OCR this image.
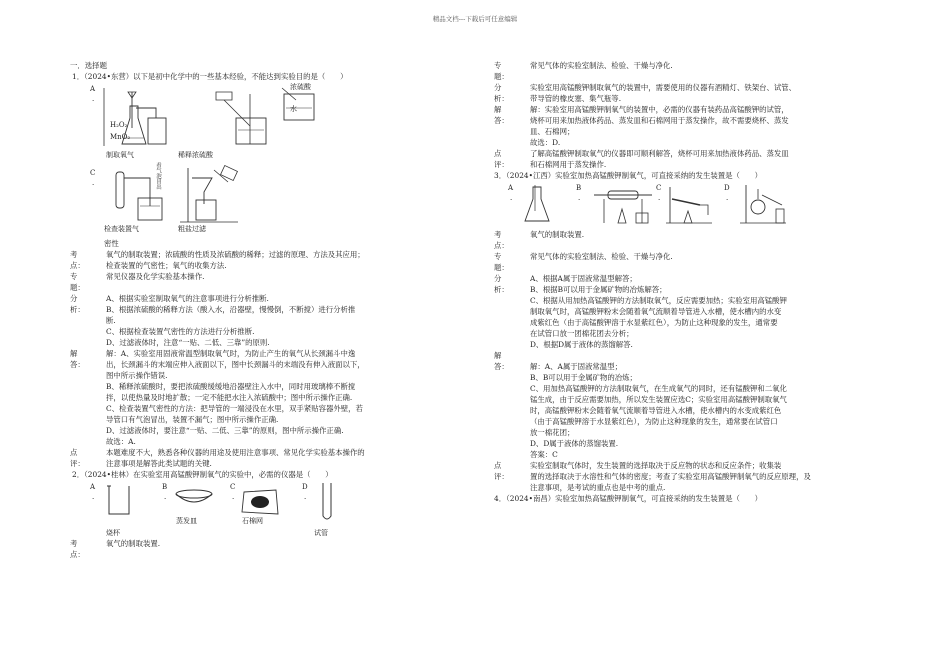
精品文档---下载后可任意编辑
一．选择题
1．（2024•东营）以下是初中化学中的一些基本经验，不能达到实验目的是（　　）
A
.
H₂O₂
MnO₂
水
浓硫酸
制取氧气	稀释浓硫酸
C
.	看气泡冒出
检查装置气	粗盐过滤
密性
考点：
氧气的制取装置；浓硫酸的性质及浓硫酸的稀释；过滤的原理、方法及其应用；
检查装置的气密性；氧气的收集方法.
专题：
常见仪器及化学实验基本操作.
分析：
A、根据实验室制取氧气的注意事项进行分析推断.
B、根据浓硫酸的稀释方法（酸入水，沿器壁，慢慢倒，不断搅）进行分析推
断.
C、根据检查装置气密性的方法进行分析推断.
D、过滤液体时，注意“一贴、二低、三靠”的原则.
解答：
解：A、实验室用固液常温型制取氧气时，为防止产生的氧气从长颈漏斗中逸
出，长颈漏斗的末端应伸入液面以下，图中长颈漏斗的末端没有伸入液面以下，
图中所示操作错误.
B、稀释浓硫酸时，要把浓硫酸缓缓地沿器壁注入水中，同时用玻璃棒不断搅
拌，以使热量及时地扩散；一定不能把水注入浓硫酸中；图中所示操作正确.
C、检查装置气密性的方法：把导管的一端浸没在水里，双手紧贴容器外壁，若
导管口有气泡冒出，装置不漏气；图中所示操作正确.
D、过滤液体时，要注意“一贴、二低、三靠”的原则，图中所示操作正确.
故选：A.
点评：
本题难度不大，熟悉各种仪器的用途及使用注意事项、常见化学实验基本操作的
注意事项是解答此类试题的关键.
2．（2024•桂林）在实验室用高锰酸钾制氧气的实验中，必需的仪器是（　　）
A
.
B
.
C
.
D
.
烧杯
蒸发皿	石棉网
试管
考点：
氧气的制取装置.
专题：
常见气体的实验室制法、检验、干燥与净化.
分析：
实验室用高锰酸钾制取氧气的装置中，需要使用的仪器有酒精灯、铁架台、试管、
带导管的橡皮塞、集气瓶等.
解答：
解：实验室用高锰酸钾制氧气的装置中，必需的仪器有装药品高锰酸钾的试管，
烧杯可用来加热液体药品、蒸发皿和石棉网用于蒸发操作，故不需要烧杯、蒸发
皿、石棉网；
故选：D.
点评：
了解高锰酸钾制取氧气的仪器即可顺利解答，烧杯可用来加热液体药品、蒸发皿
和石棉网用于蒸发操作.
3．（2024•江西）实验室加热高锰酸钾制氧气，可直接采纳的发生装置是（　　）
A
.
B
.
C
.
D
.
考点：
氧气的制取装置.
专题：
常见气体的实验室制法、检验、干燥与净化.
分析：
A、根据A属于固液常温型解答；
B、根据B可以用于金属矿物的冶炼解答；
C、根据从用加热高锰酸钾的方法制取氧气，反应需要加热；实验室用高锰酸钾
制取氧气时，高锰酸钾粉末会随着氧气流顺着导管进入水槽，使水槽内的水变
成紫红色（由于高锰酸钾溶于水显紫红色），为防止这种现象的发生，通常要
在试管口放一团棉花团去分析；
D、根据D属于液体的蒸馏解答.
解答：	解：A、A属于固液常温型；
B、B可以用于金属矿物的冶炼；
C、用加热高锰酸钾的方法制取氧气，在生成氧气的同时，还有锰酸钾和二氧化
锰生成，由于反应需要加热，所以发生装置应选C；实验室用高锰酸钾制取氧气
时，高锰酸钾粉末会随着氧气流顺着导管进入水槽，使水槽内的水变成紫红色
（由于高锰酸钾溶于水显紫红色），为防止这种现象的发生，通常要在试管口
放一棉花团；
D、D属于液体的蒸馏装置.
答案：C
点评：
实验室制取气体时，发生装置的选择取决于反应物的状态和反应条件；收集装
置的选择取决于水溶性和气体的密度；考查了实验室用高锰酸钾制氧气的反应原理，及
注意事项，是考试的重点也是中考的重点.
4．（2024•南昌）实验室加热高锰酸钾制氧气，可直接采纳的发生装置是（　　）
